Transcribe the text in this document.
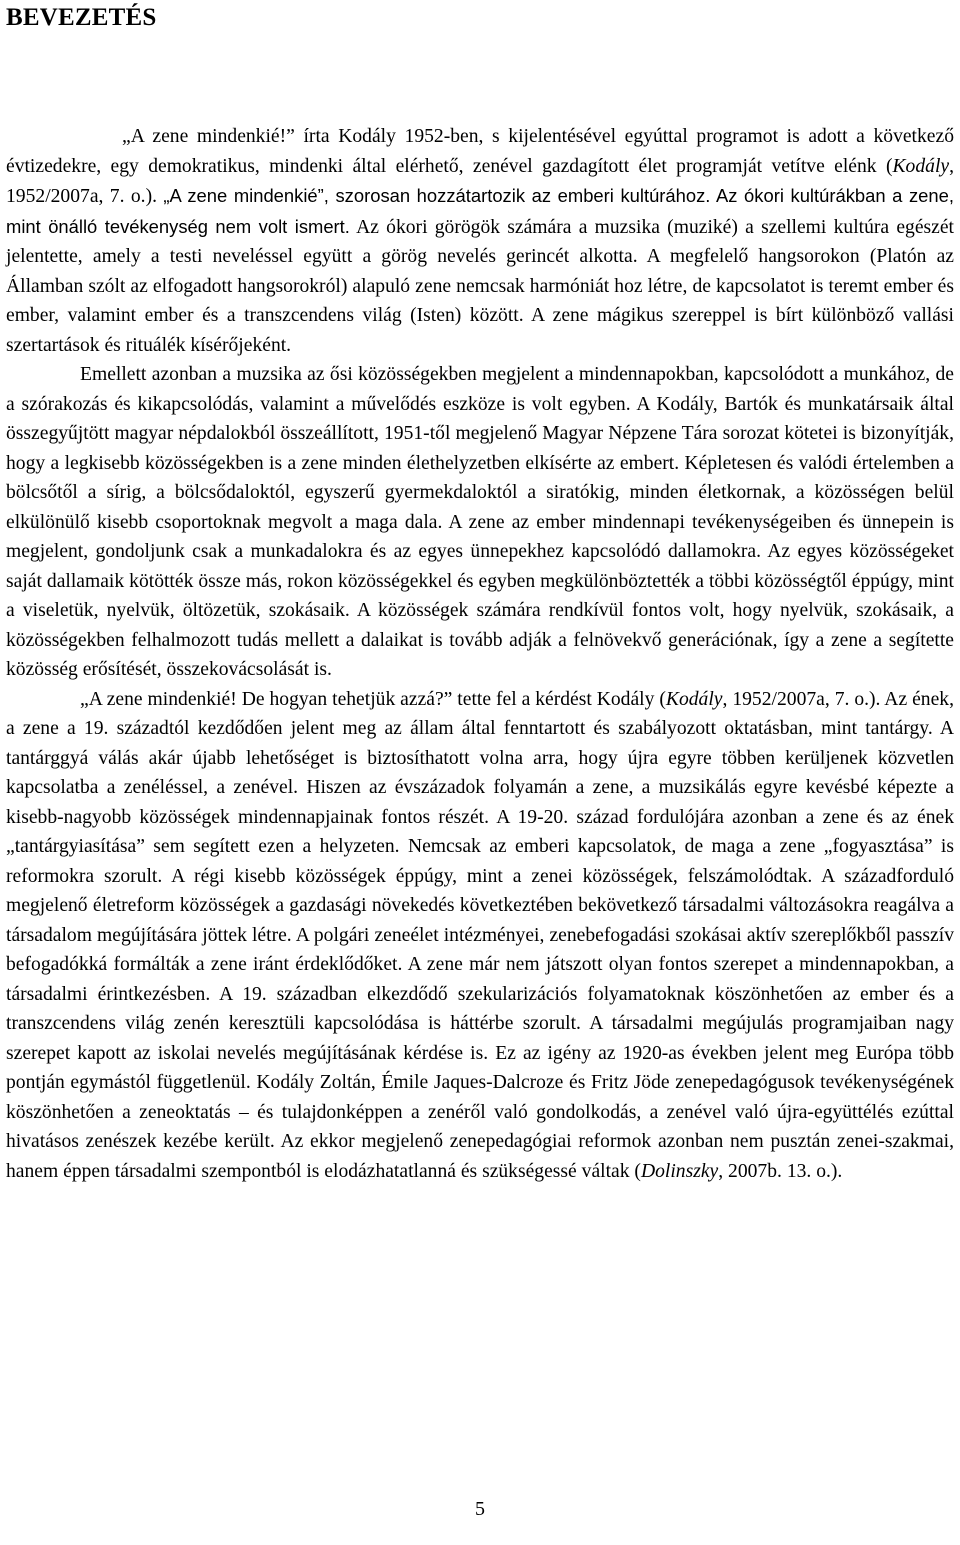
BEVEZETÉS

„A zene mindenkié!” írta Kodály 1952-ben, s kijelentésével egyúttal programot is adott a következő évtizedekre, egy demokratikus, mindenki által elérhető, zenével gazdagított élet programját vetítve elénk (Kodály, 1952/2007a, 7. o.). „A zene mindenkié”, szorosan hozzátartozik az emberi kultúrához. Az ókori kultúrákban a zene, mint önálló tevékenység nem volt ismert. Az ókori görögök számára a muzsika (muziké) a szellemi kultúra egészét jelentette, amely a testi neveléssel együtt a görög nevelés gerincét alkotta. A megfelelő hangsorokon (Platón az Államban szólt az elfogadott hangsorokról) alapuló zene nemcsak harmóniát hoz létre, de kapcsolatot is teremt ember és ember, valamint ember és a transzcendens világ (Isten) között. A zene mágikus szereppel is bírt különböző vallási szertartások és rituálék kísérőjeként.

Emellett azonban a muzsika az ősi közösségekben megjelent a mindennapokban, kapcsolódott a munkához, de a szórakozás és kikapcsolódás, valamint a művelődés eszköze is volt egyben. A Kodály, Bartók és munkatársaik által összegyűjtött magyar népdalokból összeállított, 1951-től megjelenő Magyar Népzene Tára sorozat kötetei is bizonyítják, hogy a legkisebb közösségekben is a zene minden élethelyzetben elkísérte az embert. Képletesen és valódi értelemben a bölcsőtől a sírig, a bölcsődaloktól, egyszerű gyermekdaloktól a siratókig, minden életkornak, a közösségen belül elkülönülő kisebb csoportoknak megvolt a maga dala. A zene az ember mindennapi tevékenységeiben és ünnepein is megjelent, gondoljunk csak a munkadalokra és az egyes ünnepekhez kapcsolódó dallamokra. Az egyes közösségeket saját dallamaik kötötték össze más, rokon közösségekkel és egyben megkülönböztették a többi közösségtől éppúgy, mint a viseletük, nyelvük, öltözetük, szokásaik. A közösségek számára rendkívül fontos volt, hogy nyelvük, szokásaik, a közösségekben felhalmozott tudás mellett a dalaikat is tovább adják a felnövekvő generációnak, így a zene a segítette közösség erősítését, összekovácsolását is.

„A zene mindenkié! De hogyan tehetjük azzá?” tette fel a kérdést Kodály (Kodály, 1952/2007a, 7. o.). Az ének, a zene a 19. századtól kezdődően jelent meg az állam által fenntartott és szabályozott oktatásban, mint tantárgy. A tantárggyá válás akár újabb lehetőséget is biztosíthatott volna arra, hogy újra egyre többen kerüljenek közvetlen kapcsolatba a zenéléssel, a zenével. Hiszen az évszázadok folyamán a zene, a muzsikálás egyre kevésbé képezte a kisebb-nagyobb közösségek mindennapjainak fontos részét. A 19-20. század fordulójára azonban a zene és az ének „tantárgyiasítása” sem segített ezen a helyzeten. Nemcsak az emberi kapcsolatok, de maga a zene „fogyasztása” is reformokra szorult. A régi kisebb közösségek éppúgy, mint a zenei közösségek, felszámolódtak. A századforduló megjelenő életreform közösségek a gazdasági növekedés következtében bekövetkező társadalmi változásokra reagálva a társadalom megújítására jöttek létre. A polgári zeneélet intézményei, zenebefogadási szokásai aktív szereplőkből passzív befogadókká formálták a zene iránt érdeklődőket. A zene már nem játszott olyan fontos szerepet a mindennapokban, a társadalmi érintkezésben. A 19. században elkezdődő szekularizációs folyamatoknak köszönhetően az ember és a transzcendens világ zenén keresztüli kapcsolódása is háttérbe szorult. A társadalmi megújulás programjaiban nagy szerepet kapott az iskolai nevelés megújításának kérdése is. Ez az igény az 1920-as években jelent meg Európa több pontján egymástól függetlenül. Kodály Zoltán, Émile Jaques-Dalcroze és Fritz Jöde zenepedagógusok tevékenységének köszönhetően a zeneoktatás – és tulajdonképpen a zenéről való gondolkodás, a zenével való újra-együttélés ezúttal hivatásos zenészek kezébe került. Az ekkor megjelenő zenepedagógiai reformok azonban nem pusztán zenei-szakmai, hanem éppen társadalmi szempontból is elodázhatatlanná és szükségessé váltak (Dolinszky, 2007b. 13. o.).

5
